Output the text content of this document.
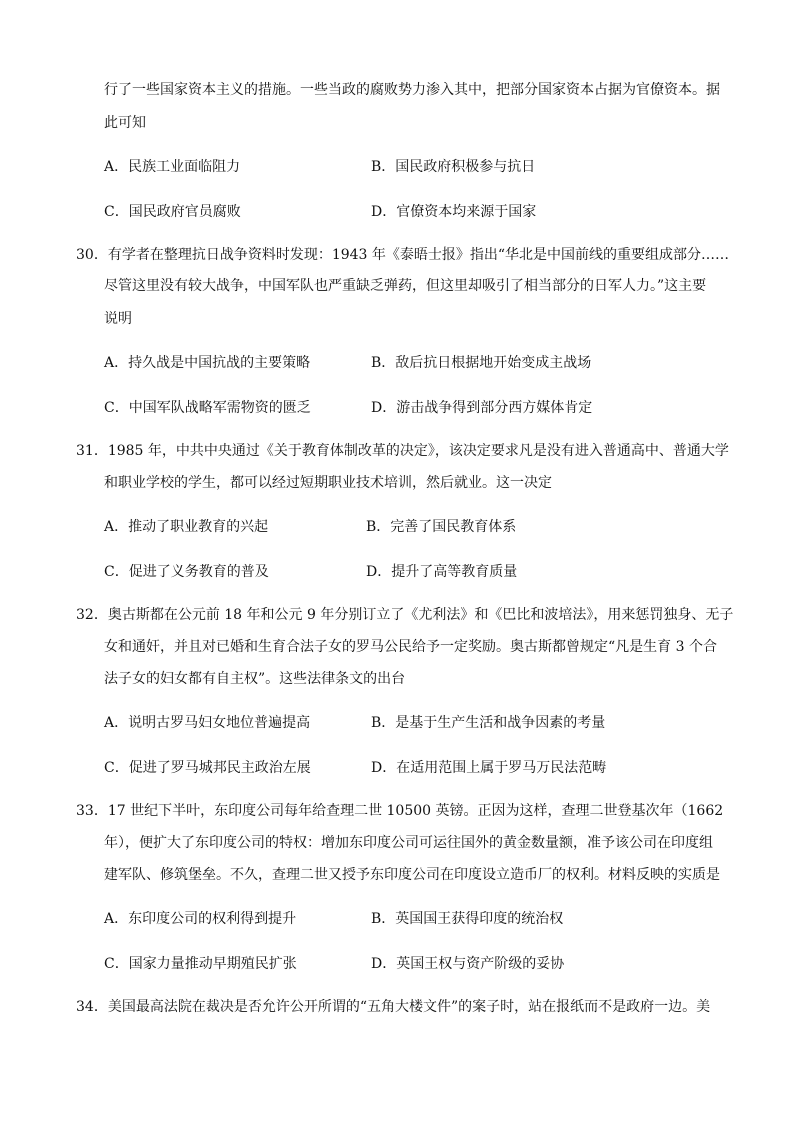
行了一些国家资本主义的措施。一些当政的腐败势力渗入其中，把部分国家资本占据为官僚资本。据
此可知
A．民族工业面临阻力	B．国民政府积极参与抗日
C．国民政府官员腐败	D．官僚资本均来源于国家
30．有学者在整理抗日战争资料时发现：1943 年《泰晤士报》指出“华北是中国前线的重要组成部分……
尽管这里没有较大战争，中国军队也严重缺乏弹药，但这里却吸引了相当部分的日军人力。”这主要
说明
A．持久战是中国抗战的主要策略	B．敌后抗日根据地开始变成主战场
C．中国军队战略军需物资的匮乏	D．游击战争得到部分西方媒体肯定
31．1985 年，中共中央通过《关于教育体制改革的决定》，该决定要求凡是没有进入普通高中、普通大学
和职业学校的学生，都可以经过短期职业技术培训，然后就业。这一决定
A．推动了职业教育的兴起	B．完善了国民教育体系
C．促进了义务教育的普及	D．提升了高等教育质量
32．奥古斯都在公元前 18 年和公元 9 年分别订立了《尤利法》和《巴比和波培法》，用来惩罚独身、无子
女和通奸，并且对已婚和生育合法子女的罗马公民给予一定奖励。奥古斯都曾规定“凡是生育 3 个合
法子女的妇女都有自主权”。这些法律条文的出台
A．说明古罗马妇女地位普遍提高	B．是基于生产生活和战争因素的考量
C．促进了罗马城邦民主政治左展	D．在适用范围上属于罗马万民法范畴
33．17 世纪下半叶，东印度公司每年给查理二世 10500 英镑。正因为这样，查理二世登基次年（1662
年），便扩大了东印度公司的特权：增加东印度公司可运往国外的黄金数量额，准予该公司在印度组
建军队、修筑堡垒。不久，查理二世又授予东印度公司在印度设立造币厂的权利。材料反映的实质是
A．东印度公司的权利得到提升	B．英国国王获得印度的统治权
C．国家力量推动早期殖民扩张	D．英国王权与资产阶级的妥协
34．美国最高法院在裁决是否允许公开所谓的“五角大楼文件”的案子时，站在报纸而不是政府一边。美
